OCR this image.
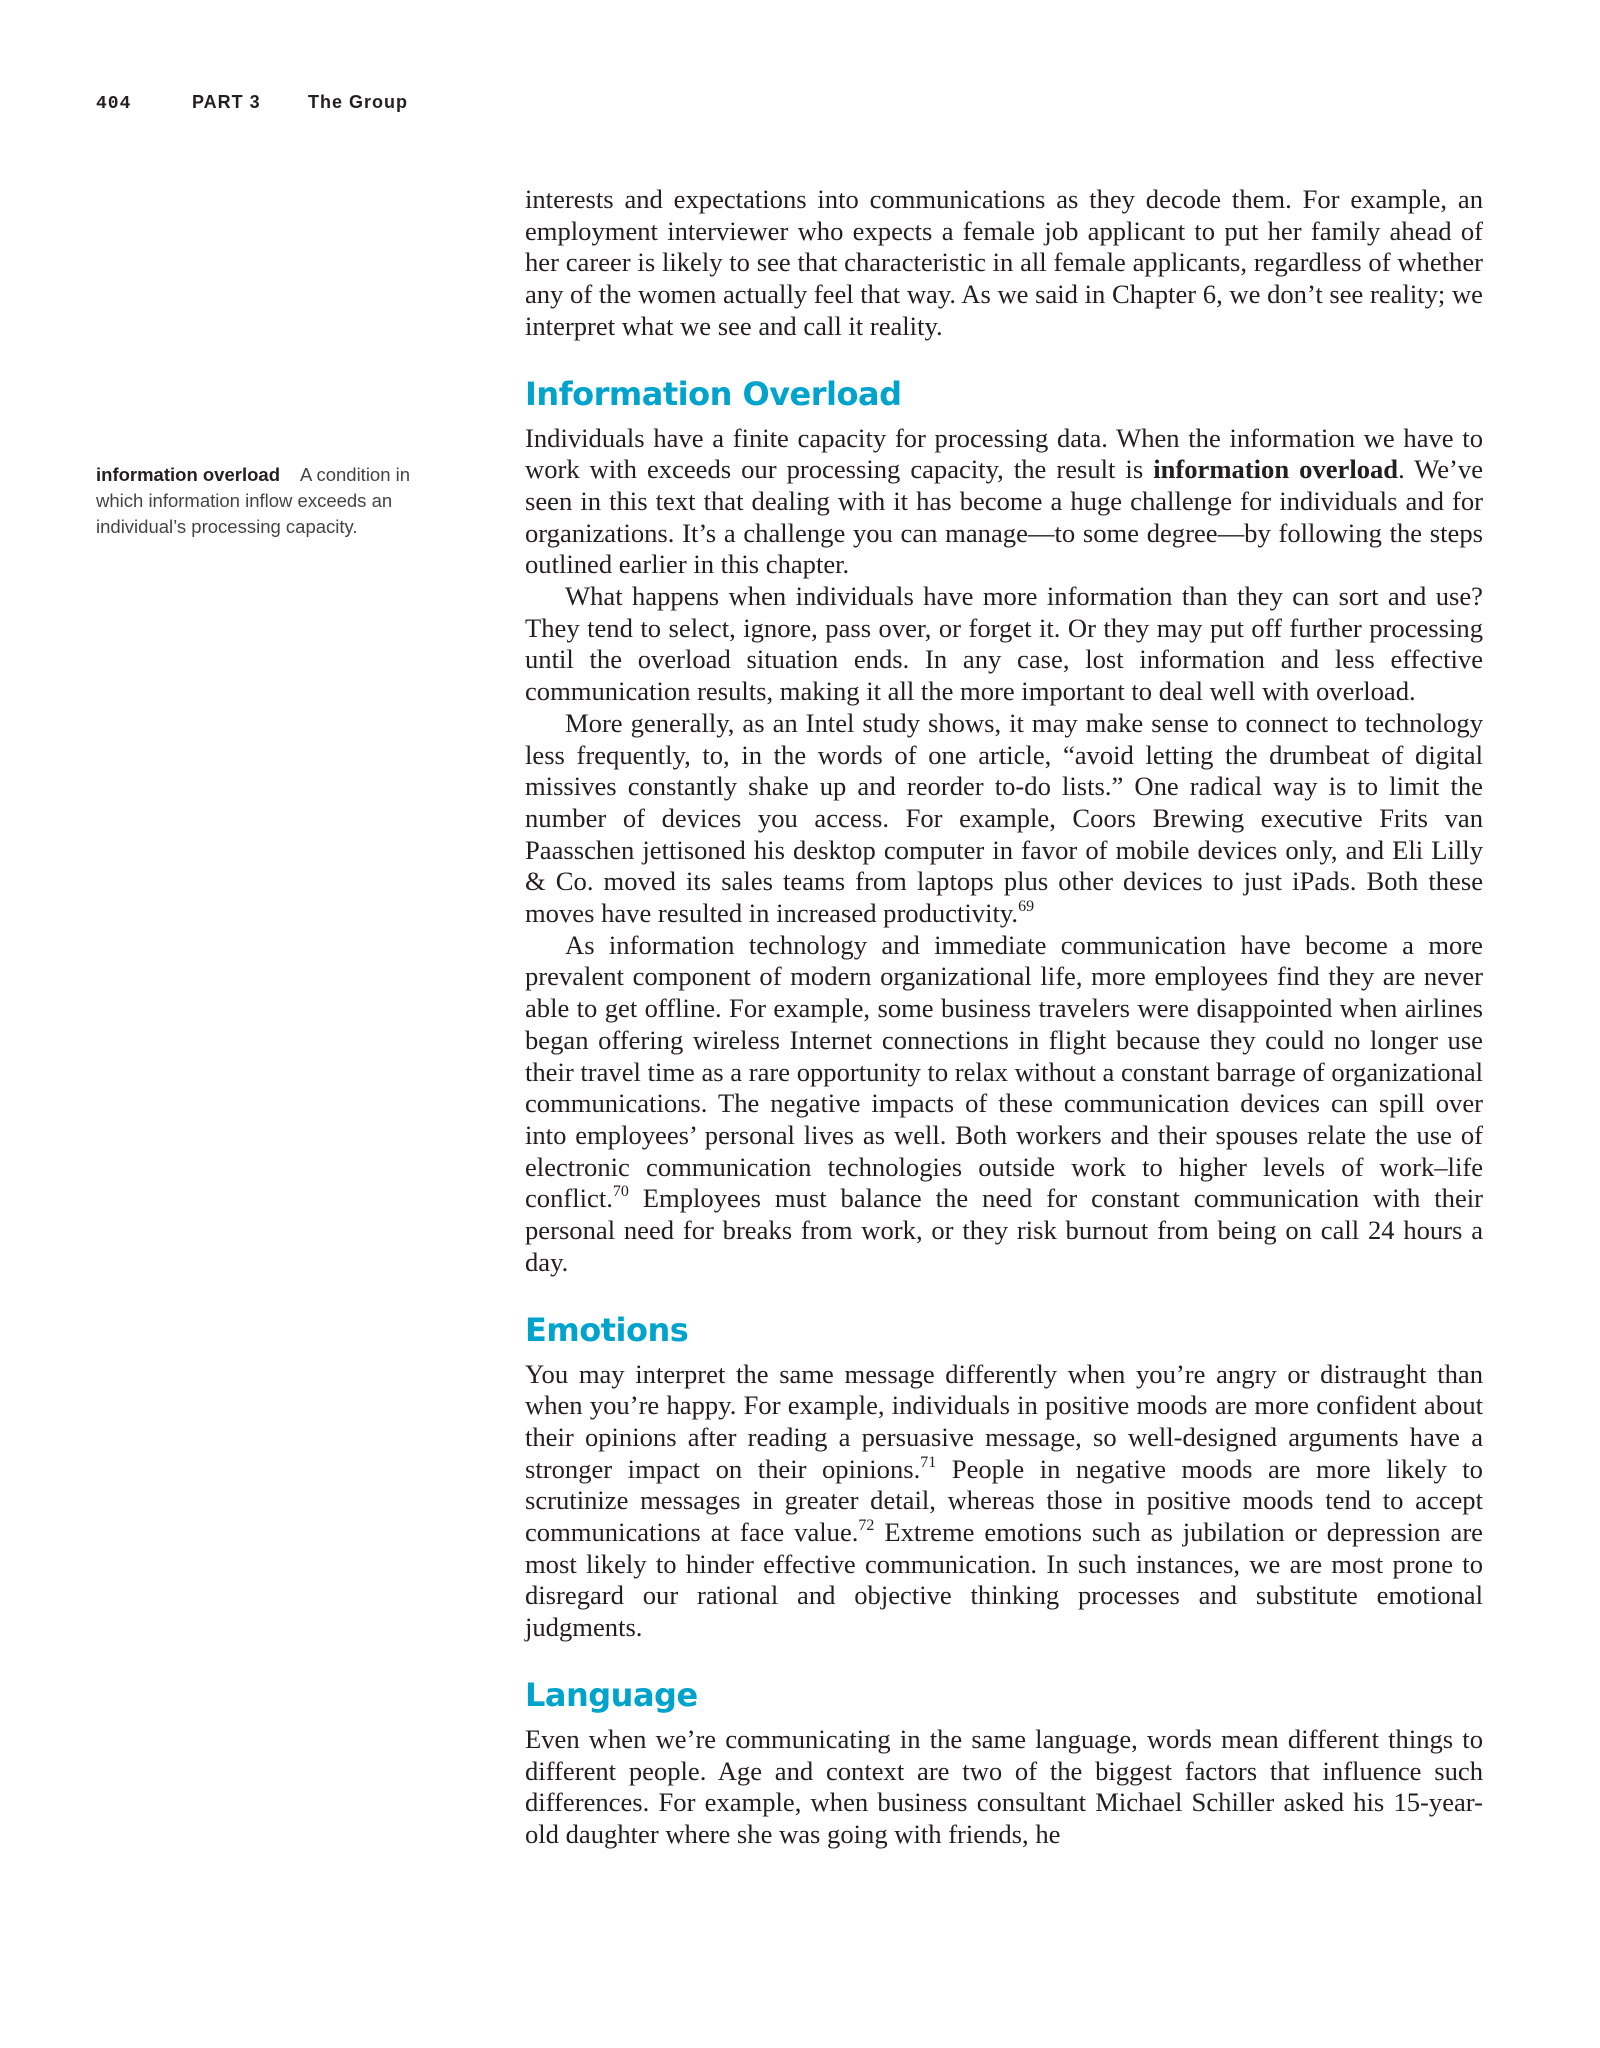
404	PART 3	The Group
information overload A condition in which information inflow exceeds an individual’s processing capacity.

interests and expectations into communications as they decode them. For example, an employment interviewer who expects a female job applicant to put her family ahead of her career is likely to see that characteristic in all female applicants, regardless of whether any of the women actually feel that way. As we said in Chapter 6, we don’t see reality; we interpret what we see and call it reality.

Information Overload

Individuals have a finite capacity for processing data. When the information we have to work with exceeds our processing capacity, the result is information overload. We’ve seen in this text that dealing with it has become a huge challenge for individuals and for organizations. It’s a challenge you can manage—to some degree—by following the steps outlined earlier in this chapter.

What happens when individuals have more information than they can sort and use? They tend to select, ignore, pass over, or forget it. Or they may put off further processing until the overload situation ends. In any case, lost information and less effective communication results, making it all the more important to deal well with overload.

More generally, as an Intel study shows, it may make sense to connect to technology less frequently, to, in the words of one article, “avoid letting the drumbeat of digital missives constantly shake up and reorder to-do lists.” One radical way is to limit the number of devices you access. For example, Coors Brewing executive Frits van Paasschen jettisoned his desktop computer in favor of mobile devices only, and Eli Lilly & Co. moved its sales teams from laptops plus other devices to just iPads. Both these moves have resulted in increased productivity.$^{69}$

As information technology and immediate communication have become a more prevalent component of modern organizational life, more employees find they are never able to get offline. For example, some business travelers were disappointed when airlines began offering wireless Internet connections in flight because they could no longer use their travel time as a rare opportunity to relax without a constant barrage of organizational communications. The negative impacts of these communication devices can spill over into employees’ personal lives as well. Both workers and their spouses relate the use of electronic communication technologies outside work to higher levels of work–life conflict.$^{70}$ Employees must balance the need for constant communication with their personal need for breaks from work, or they risk burnout from being on call 24 hours a day.

Emotions

You may interpret the same message differently when you’re angry or distraught than when you’re happy. For example, individuals in positive moods are more confident about their opinions after reading a persuasive message, so well-designed arguments have a stronger impact on their opinions.$^{71}$ People in negative moods are more likely to scrutinize messages in greater detail, whereas those in positive moods tend to accept communications at face value.$^{72}$ Extreme emotions such as jubilation or depression are most likely to hinder effective communication. In such instances, we are most prone to disregard our rational and objective thinking processes and substitute emotional judgments.

Language

Even when we’re communicating in the same language, words mean different things to different people. Age and context are two of the biggest factors that influence such differences. For example, when business consultant Michael Schiller asked his 15-year-old daughter where she was going with friends, he
